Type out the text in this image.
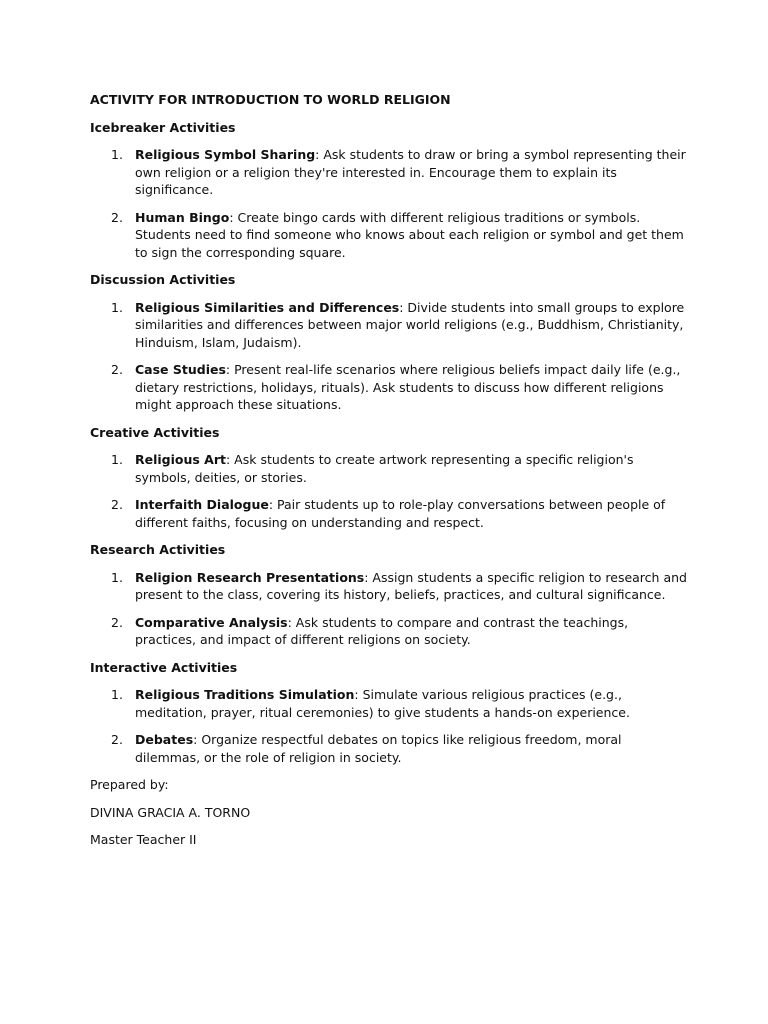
ACTIVITY FOR INTRODUCTION TO WORLD RELIGION

Icebreaker Activities

1. Religious Symbol Sharing: Ask students to draw or bring a symbol representing their own religion or a religion they're interested in. Encourage them to explain its significance.
2. Human Bingo: Create bingo cards with different religious traditions or symbols. Students need to find someone who knows about each religion or symbol and get them to sign the corresponding square.

Discussion Activities

1. Religious Similarities and Differences: Divide students into small groups to explore similarities and differences between major world religions (e.g., Buddhism, Christianity, Hinduism, Islam, Judaism).
2. Case Studies: Present real-life scenarios where religious beliefs impact daily life (e.g., dietary restrictions, holidays, rituals). Ask students to discuss how different religions might approach these situations.

Creative Activities

1. Religious Art: Ask students to create artwork representing a specific religion's symbols, deities, or stories.
2. Interfaith Dialogue: Pair students up to role-play conversations between people of different faiths, focusing on understanding and respect.

Research Activities

1. Religion Research Presentations: Assign students a specific religion to research and present to the class, covering its history, beliefs, practices, and cultural significance.
2. Comparative Analysis: Ask students to compare and contrast the teachings, practices, and impact of different religions on society.

Interactive Activities

1. Religious Traditions Simulation: Simulate various religious practices (e.g., meditation, prayer, ritual ceremonies) to give students a hands-on experience.
2. Debates: Organize respectful debates on topics like religious freedom, moral dilemmas, or the role of religion in society.

Prepared by:

DIVINA GRACIA A. TORNO

Master Teacher II
